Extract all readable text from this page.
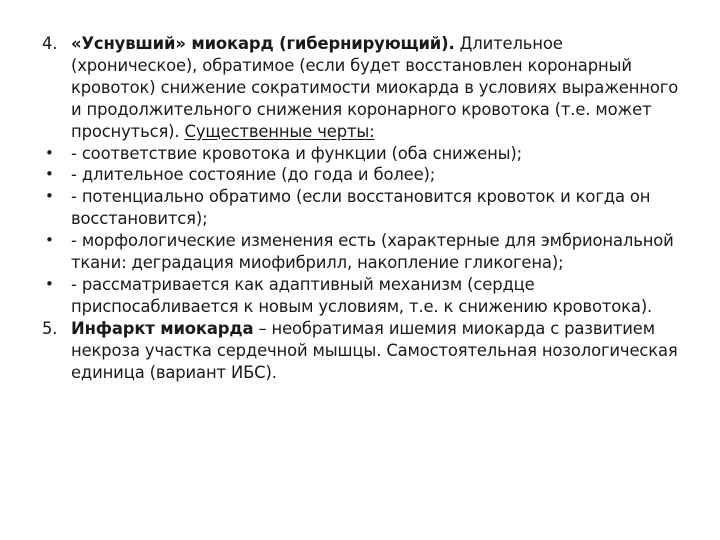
4. «Уснувший» миокард (гибернирующий). Длительное (хроническое), обратимое (если будет восстановлен коронарный кровоток) снижение сократимости миокарда в условиях выраженного и продолжительного снижения коронарного кровотока (т.е. может проснуться). Существенные черты:

•	- соответствие кровотока и функции (оба снижены);

•	- длительное состояние (до года и более);

•	- потенциально обратимо (если восстановится кровоток и когда он восстановится);

•	- морфологические изменения есть (характерные для эмбриональной ткани: деградация миофибрилл, накопление гликогена);

•	- рассматривается как адаптивный механизм (сердце приспосабливается к новым условиям, т.е. к снижению кровотока).

5. Инфаркт миокарда – необратимая ишемия миокарда с развитием некроза участка сердечной мышцы. Самостоятельная нозологическая единица (вариант ИБС).
